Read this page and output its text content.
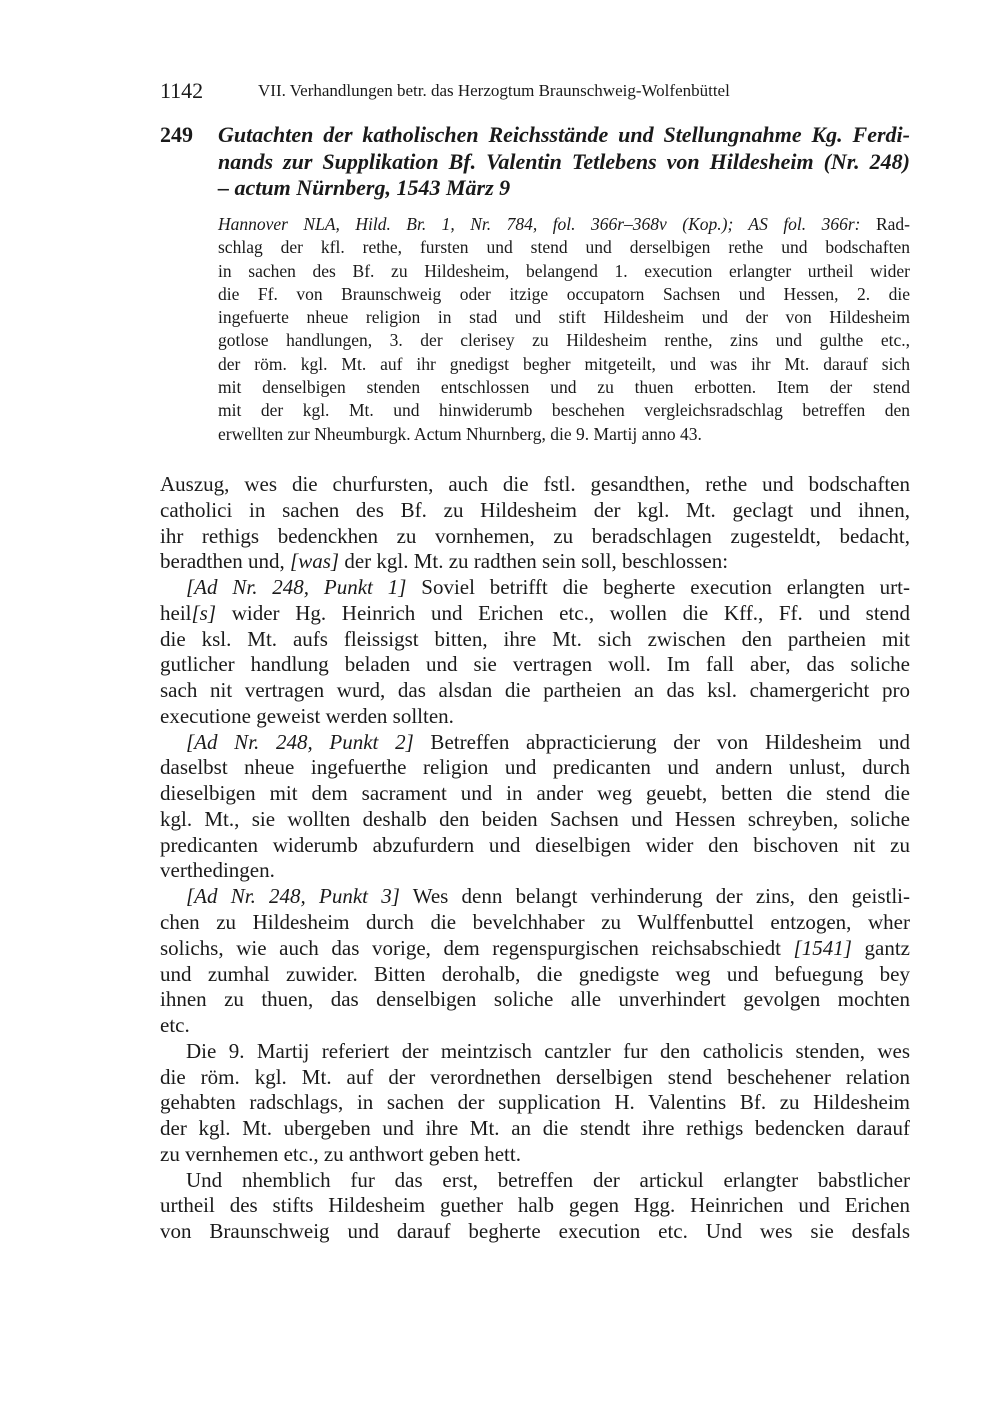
1142	VII. Verhandlungen betr. das Herzogtum Braunschweig-Wolfenbüttel
249 Gutachten der katholischen Reichsstände und Stellungnahme Kg. Ferdi-
nands zur Supplikation Bf. Valentin Tetlebens von Hildesheim (Nr. 248)
– actum Nürnberg, 1543 März 9
Hannover NLA, Hild. Br. 1, Nr. 784, fol. 366r–368v (Kop.); AS fol. 366r: Rad-
schlag der kfl. rethe, fursten und stend und derselbigen rethe und bodschaften
in sachen des Bf. zu Hildesheim, belangend 1. execution erlangter urtheil wider
die Ff. von Braunschweig oder itzige occupatorn Sachsen und Hessen, 2. die
ingefuerte nheue religion in stad und stift Hildesheim und der von Hildesheim
gotlose handlungen, 3. der clerisey zu Hildesheim renthe, zins und gulthe etc.,
der röm. kgl. Mt. auf ihr gnedigst begher mitgeteilt, und was ihr Mt. darauf sich
mit denselbigen stenden entschlossen und zu thuen erbotten. Item der stend
mit der kgl. Mt. und hinwiderumb beschehen vergleichsradschlag betreffen den
erwellten zur Nheumburgk. Actum Nhurnberg, die 9. Martij anno 43.
Auszug, wes die churfursten, auch die fstl. gesandthen, rethe und bodschaften
catholici in sachen des Bf. zu Hildesheim der kgl. Mt. geclagt und ihnen,
ihr rethigs bedenckhen zu vornhemen, zu beradschlagen zugesteldt, bedacht,
beradthen und, [was] der kgl. Mt. zu radthen sein soll, beschlossen:
[Ad Nr. 248, Punkt 1] Soviel betrifft die begherte execution erlangten urt-
heil[s] wider Hg. Heinrich und Erichen etc., wollen die Kff., Ff. und stend
die ksl. Mt. aufs fleissigst bitten, ihre Mt. sich zwischen den partheien mit
gutlicher handlung beladen und sie vertragen woll. Im fall aber, das soliche
sach nit vertragen wurd, das alsdan die partheien an das ksl. chamergericht pro
executione geweist werden sollten.
[Ad Nr. 248, Punkt 2] Betreffen abpracticierung der von Hildesheim und
daselbst nheue ingefuerthe religion und predicanten und andern unlust, durch
dieselbigen mit dem sacrament und in ander weg geuebt, betten die stend die
kgl. Mt., sie wollten deshalb den beiden Sachsen und Hessen schreyben, soliche
predicanten widerumb abzufurdern und dieselbigen wider den bischoven nit zu
verthedingen.
[Ad Nr. 248, Punkt 3] Wes denn belangt verhinderung der zins, den geistli-
chen zu Hildesheim durch die bevelchhaber zu Wulffenbuttel entzogen, wher
solichs, wie auch das vorige, dem regenspurgischen reichsabschiedt [1541] gantz
und zumhal zuwider. Bitten derohalb, die gnedigste weg und befuegung bey
ihnen zu thuen, das denselbigen soliche alle unverhindert gevolgen mochten
etc.
Die 9. Martij referiert der meintzisch cantzler fur den catholicis stenden, wes
die röm. kgl. Mt. auf der verordnethen derselbigen stend beschehener relation
gehabten radschlags, in sachen der supplication H. Valentins Bf. zu Hildesheim
der kgl. Mt. ubergeben und ihre Mt. an die stendt ihre rethigs bedencken darauf
zu vernhemen etc., zu anthwort geben hett.
Und nhemblich fur das erst, betreffen der artickul erlangter babstlicher
urtheil des stifts Hildesheim guether halb gegen Hgg. Heinrichen und Erichen
von Braunschweig und darauf begherte execution etc. Und wes sie desfals
